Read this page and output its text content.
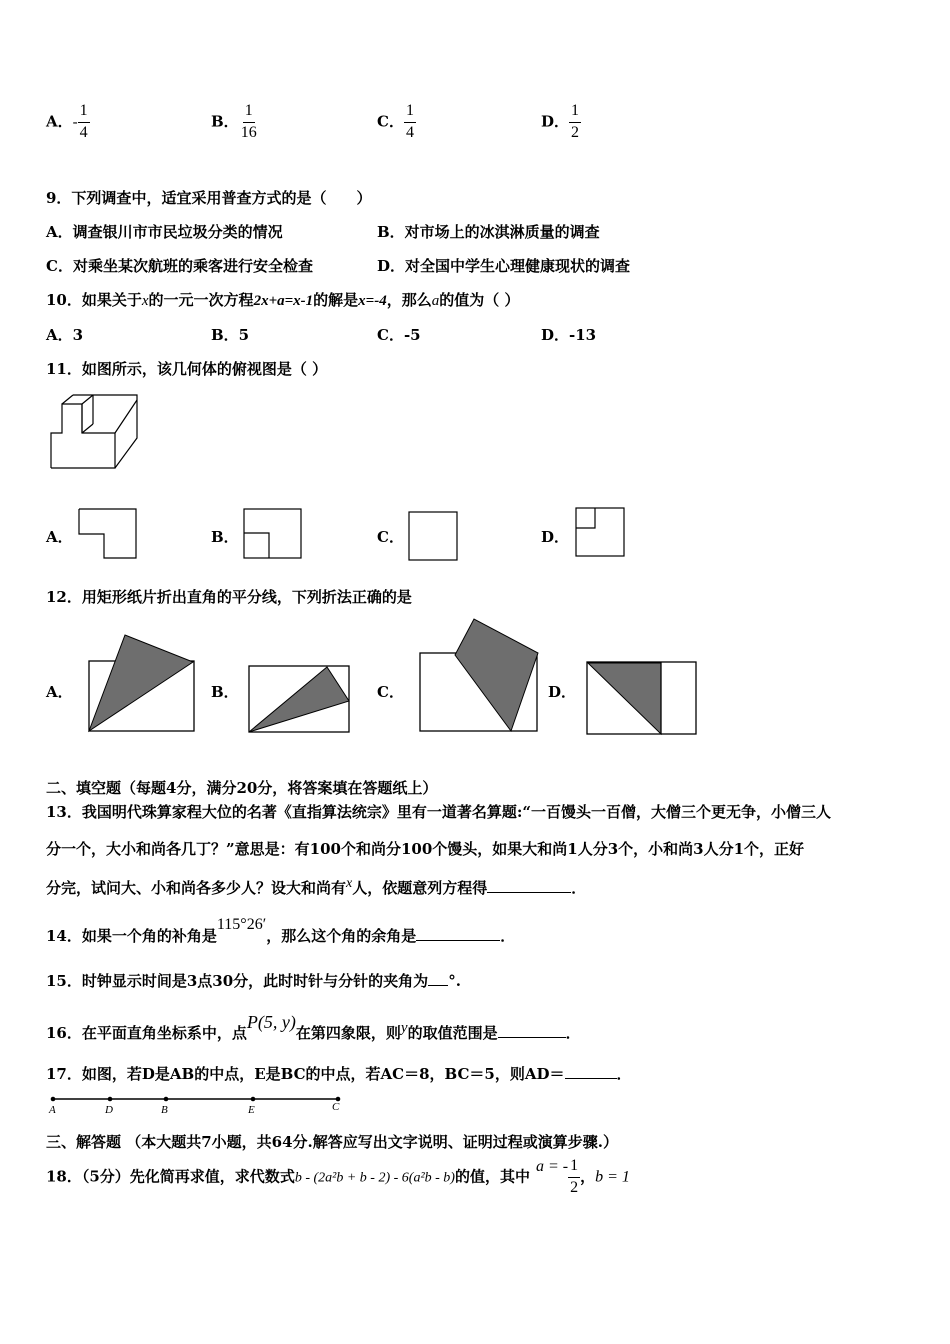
A．- $\frac{1}{4}$	B． $\frac{1}{16}$	C． $\frac{1}{4}$	D． $\frac{1}{2}$
9．下列调查中，适宜采用普查方式的是（　　）
A．调查银川市市民垃圾分类的情况	B．对市场上的冰淇淋质量的调查
C．对乘坐某次航班的乘客进行安全检查	D．对全国中学生心理健康现状的调查
10．如果关于x的一元一次方程2x+a=x-1的解是x=-4，那么a的值为（ ）
A．3	B．5	C．-5	D．-13
11．如图所示，该几何体的俯视图是（ ）
A．	B．	C．	D．
12．用矩形纸片折出直角的平分线，下列折法正确的是
A．	B．	C．	D．
二、填空题（每题4分，满分20分，将答案填在答题纸上）
13．我国明代珠算家程大位的名著《直指算法统宗》里有一道著名算题:“一百馒头一百僧，大僧三个更无争，小僧三人
分一个，大小和尚各几丁？”意思是：有100个和尚分100个馒头，如果大和尚1人分3个，小和尚3人分1个，正好
分完，试问大、小和尚各多少人？设大和尚有$^x$人，依题意列方程得	．
14．如果一个角的补角是$^{115^\circ 26'}$，那么这个角的余角是	．
15．时钟显示时间是3点30分，此时时针与分针的夹角为 °.
16．在平面直角坐标系中，点$^{P(5, y)}$在第四象限，则$^y$的取值范围是	．
17．如图，若D是AB的中点，E是BC的中点，若AC＝8，BC＝5，则AD＝	．
A	D	B	E	C
三、解答题 （本大题共7小题，共64分.解答应写出文字说明、证明过程或演算步骤.）
18．（5分）先化简再求值，求代数式b - (2a²b + b - 2) - 6(a²b - b)的值，其中a = - $\frac{1}{2}$ ，b = 1
